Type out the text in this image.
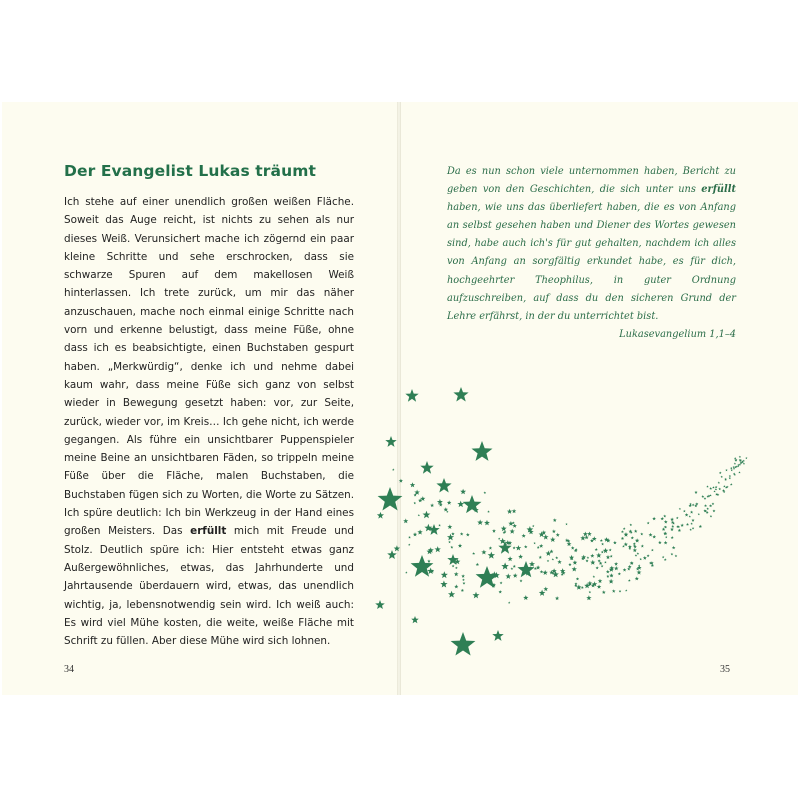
Der Evangelist Lukas träumt

Ich stehe auf einer unendlich großen weißen Fläche. Soweit das Auge reicht, ist nichts zu sehen als nur dieses Weiß. Verunsichert mache ich zögernd ein paar kleine Schritte und sehe erschrocken, dass sie schwarze Spuren auf dem makellosen Weiß hinterlassen. Ich trete zurück, um mir das näher anzuschauen, mache noch einmal einige Schritte nach vorn und erkenne belustigt, dass meine Füße, ohne dass ich es beabsichtigte, einen Buchstaben gespurt haben. „Merkwürdig“, denke ich und nehme dabei kaum wahr, dass meine Füße sich ganz von selbst wieder in Bewegung gesetzt haben: vor, zur Seite, zurück, wieder vor, im Kreis… Ich gehe nicht, ich werde gegangen. Als führe ein unsichtbarer Puppenspieler meine Beine an unsichtbaren Fäden, so trippeln meine Füße über die Fläche, malen Buchstaben, die Buchstaben fügen sich zu Worten, die Worte zu Sätzen. Ich spüre deutlich: Ich bin Werkzeug in der Hand eines großen Meisters. Das erfüllt mich mit Freude und Stolz. Deutlich spüre ich: Hier entsteht etwas ganz Außergewöhnliches, etwas, das Jahrhunderte und Jahrtausende überdauern wird, etwas, das unendlich wichtig, ja, lebensnotwendig sein wird. Ich weiß auch: Es wird viel Mühe kosten, die weite, weiße Fläche mit Schrift zu füllen. Aber diese Mühe wird sich lohnen.

Da es nun schon viele unternommen haben, Bericht zu geben von den Geschichten, die sich unter uns erfüllt haben, wie uns das überliefert haben, die es von Anfang an selbst gesehen haben und Diener des Wortes gewesen sind, habe auch ich's für gut gehalten, nachdem ich alles von Anfang an sorgfältig erkundet habe, es für dich, hochgeehrter Theophilus, in guter Ordnung aufzuschreiben, auf dass du den sicheren Grund der Lehre erfährst, in der du unterrichtet bist.

Lukasevangelium 1,1–4

34	35
